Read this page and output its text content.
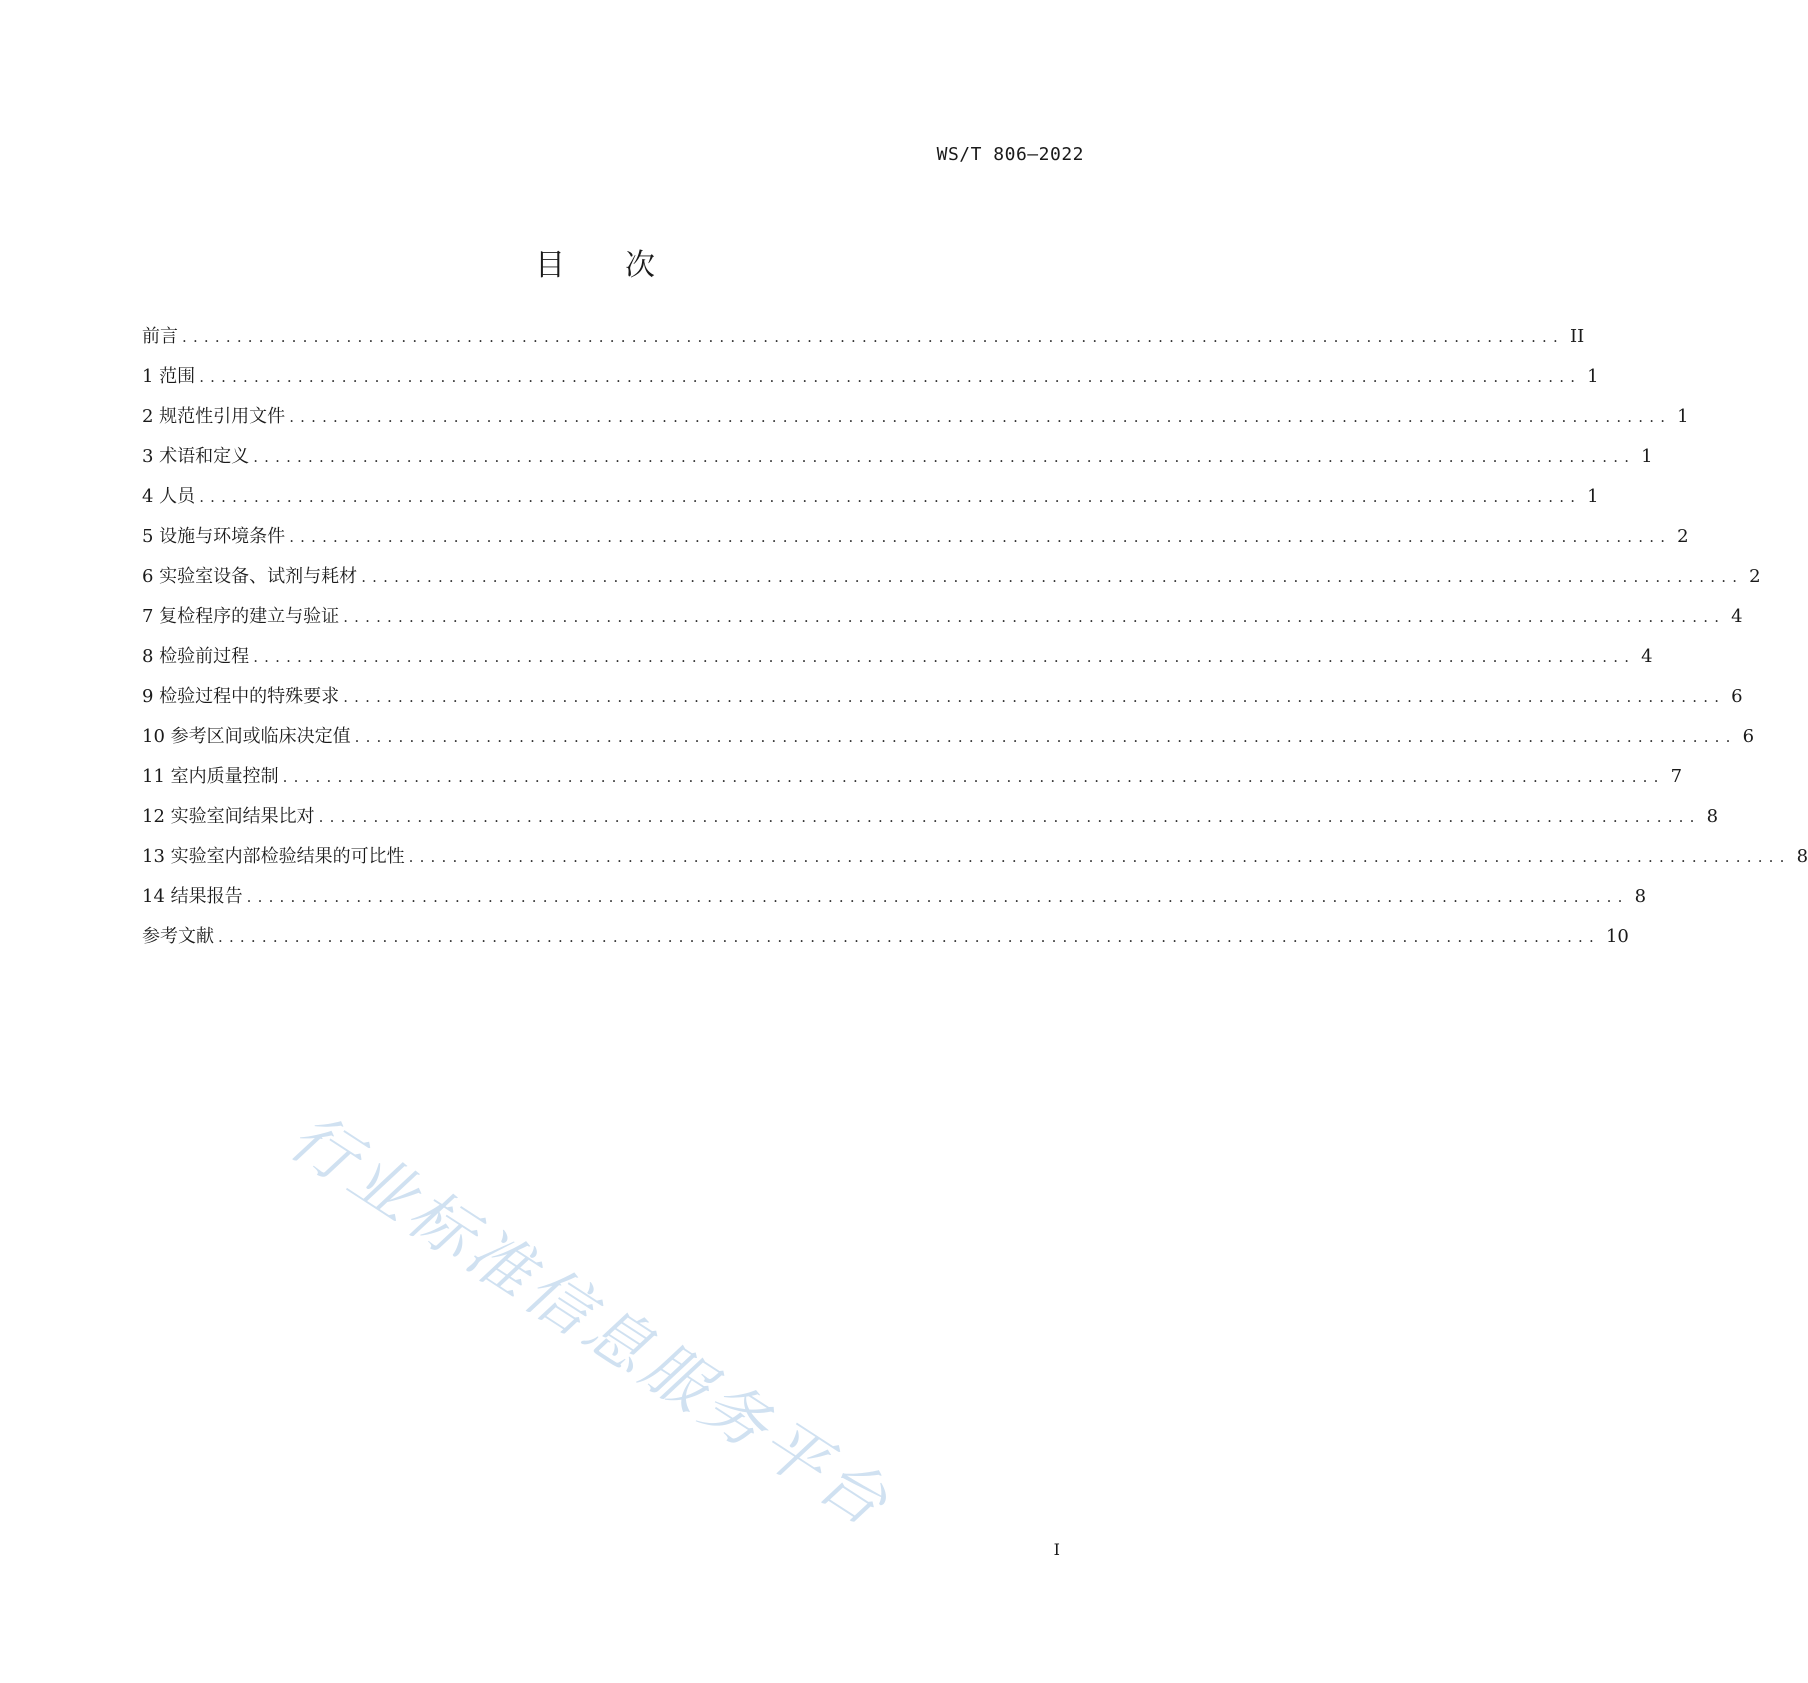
WS/T 806—2022
目 次
前言 .............................................................................................................................. II
1 范围 .............................................................................................................................. 1
2 规范性引用文件 .............................................................................................................................. 1
3 术语和定义 .............................................................................................................................. 1
4 人员 .............................................................................................................................. 1
5 设施与环境条件 .............................................................................................................................. 2
6 实验室设备、试剂与耗材 .............................................................................................................................. 2
7 复检程序的建立与验证 .............................................................................................................................. 4
8 检验前过程 .............................................................................................................................. 4
9 检验过程中的特殊要求 .............................................................................................................................. 6
10 参考区间或临床决定值 .............................................................................................................................. 6
11 室内质量控制 .............................................................................................................................. 7
12 实验室间结果比对 .............................................................................................................................. 8
13 实验室内部检验结果的可比性 .............................................................................................................................. 8
14 结果报告 .............................................................................................................................. 8
参考文献 .............................................................................................................................. 10
行业标准信息服务平台
I
